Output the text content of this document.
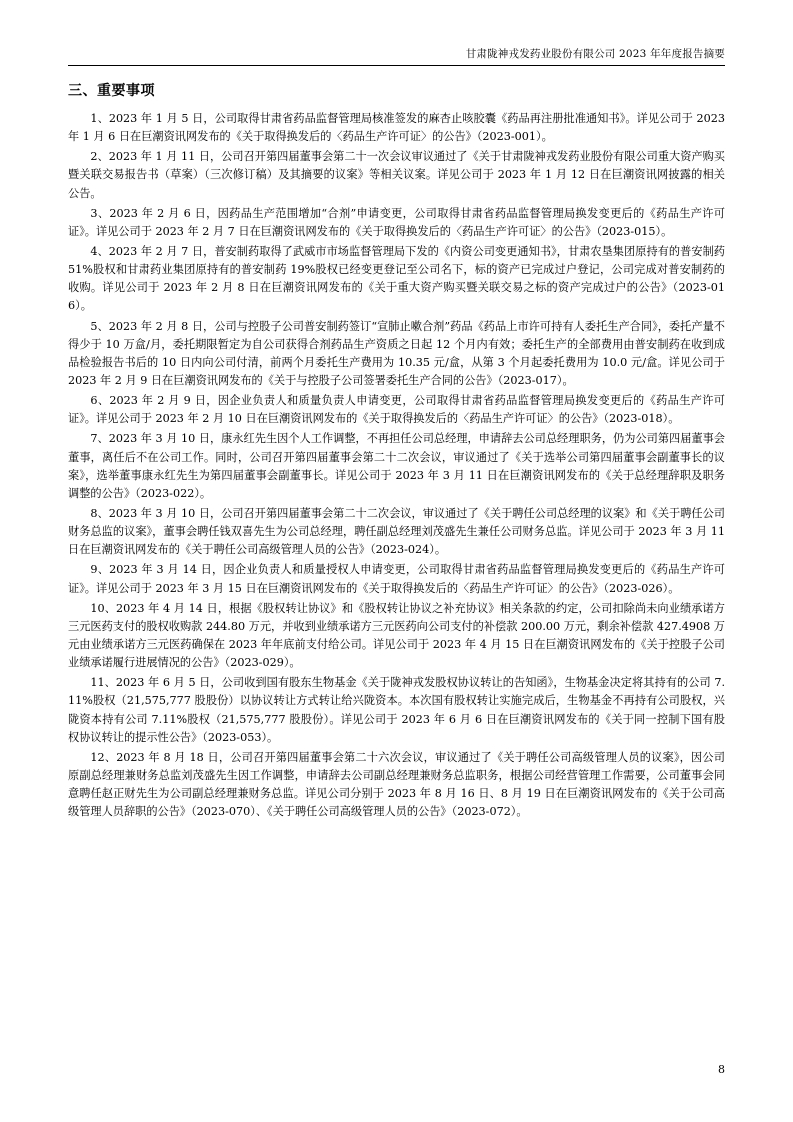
甘肃陇神戎发药业股份有限公司 2023 年年度报告摘要
三、重要事项

1、2023 年 1 月 5 日，公司取得甘肃省药品监督管理局核准签发的麻杏止咳胶囊《药品再注册批准通知书》。详见公司于 2023 年 1 月 6 日在巨潮资讯网发布的《关于取得换发后的〈药品生产许可证〉的公告》（2023-001）。

2、2023 年 1 月 11 日，公司召开第四届董事会第二十一次会议审议通过了《关于甘肃陇神戎发药业股份有限公司重大资产购买暨关联交易报告书（草案）（三次修订稿）及其摘要的议案》等相关议案。详见公司于 2023 年 1 月 12 日在巨潮资讯网披露的相关公告。

3、2023 年 2 月 6 日，因药品生产范围增加“合剂”申请变更，公司取得甘肃省药品监督管理局换发变更后的《药品生产许可证》。详见公司于 2023 年 2 月 7 日在巨潮资讯网发布的《关于取得换发后的〈药品生产许可证〉的公告》（2023-015）。

4、2023 年 2 月 7 日，普安制药取得了武威市市场监督管理局下发的《内资公司变更通知书》，甘肃农垦集团原持有的普安制药 51%股权和甘肃药业集团原持有的普安制药 19%股权已经变更登记至公司名下，标的资产已完成过户登记，公司完成对普安制药的收购。详见公司于 2023 年 2 月 8 日在巨潮资讯网发布的《关于重大资产购买暨关联交易之标的资产完成过户的公告》（2023-016）。

5、2023 年 2 月 8 日，公司与控股子公司普安制药签订“宣肺止嗽合剂”药品《药品上市许可持有人委托生产合同》，委托产量不得少于 10 万盒/月，委托期限暂定为自公司获得合剂药品生产资质之日起 12 个月内有效；委托生产的全部费用由普安制药在收到成品检验报告书后的 10 日内向公司付清，前两个月委托生产费用为 10.35 元/盒，从第 3 个月起委托费用为 10.0 元/盒。详见公司于 2023 年 2 月 9 日在巨潮资讯网发布的《关于与控股子公司签署委托生产合同的公告》（2023-017）。

6、2023 年 2 月 9 日，因企业负责人和质量负责人申请变更，公司取得甘肃省药品监督管理局换发变更后的《药品生产许可证》。详见公司于 2023 年 2 月 10 日在巨潮资讯网发布的《关于取得换发后的〈药品生产许可证〉的公告》（2023-018）。

7、2023 年 3 月 10 日，康永红先生因个人工作调整，不再担任公司总经理，申请辞去公司总经理职务，仍为公司第四届董事会董事，离任后不在公司工作。同时，公司召开第四届董事会第二十二次会议，审议通过了《关于选举公司第四届董事会副董事长的议案》，选举董事康永红先生为第四届董事会副董事长。详见公司于 2023 年 3 月 11 日在巨潮资讯网发布的《关于总经理辞职及职务调整的公告》（2023-022）。

8、2023 年 3 月 10 日，公司召开第四届董事会第二十二次会议，审议通过了《关于聘任公司总经理的议案》和《关于聘任公司财务总监的议案》，董事会聘任钱双喜先生为公司总经理，聘任副总经理刘茂盛先生兼任公司财务总监。详见公司于 2023 年 3 月 11 日在巨潮资讯网发布的《关于聘任公司高级管理人员的公告》（2023-024）。

9、2023 年 3 月 14 日，因企业负责人和质量授权人申请变更，公司取得甘肃省药品监督管理局换发变更后的《药品生产许可证》。详见公司于 2023 年 3 月 15 日在巨潮资讯网发布的《关于取得换发后的〈药品生产许可证〉的公告》（2023-026）。

10、2023 年 4 月 14 日，根据《股权转让协议》和《股权转让协议之补充协议》相关条款的约定，公司扣除尚未向业绩承诺方三元医药支付的股权收购款 244.80 万元，并收到业绩承诺方三元医药向公司支付的补偿款 200.00 万元，剩余补偿款 427.4908 万元由业绩承诺方三元医药确保在 2023 年年底前支付给公司。详见公司于 2023 年 4 月 15 日在巨潮资讯网发布的《关于控股子公司业绩承诺履行进展情况的公告》（2023-029）。

11、2023 年 6 月 5 日，公司收到国有股东生物基金《关于陇神戎发股权协议转让的告知函》，生物基金决定将其持有的公司 7.11%股权（21,575,777 股股份）以协议转让方式转让给兴陇资本。本次国有股权转让实施完成后，生物基金不再持有公司股权，兴陇资本持有公司 7.11%股权（21,575,777 股股份）。详见公司于 2023 年 6 月 6 日在巨潮资讯网发布的《关于同一控制下国有股权协议转让的提示性公告》（2023-053）。

12、2023 年 8 月 18 日，公司召开第四届董事会第二十六次会议，审议通过了《关于聘任公司高级管理人员的议案》，因公司原副总经理兼财务总监刘茂盛先生因工作调整，申请辞去公司副总经理兼财务总监职务，根据公司经营管理工作需要，公司董事会同意聘任赵正财先生为公司副总经理兼财务总监。详见公司分别于 2023 年 8 月 16 日、8 月 19 日在巨潮资讯网发布的《关于公司高级管理人员辞职的公告》（2023-070）、《关于聘任公司高级管理人员的公告》（2023-072）。

8
